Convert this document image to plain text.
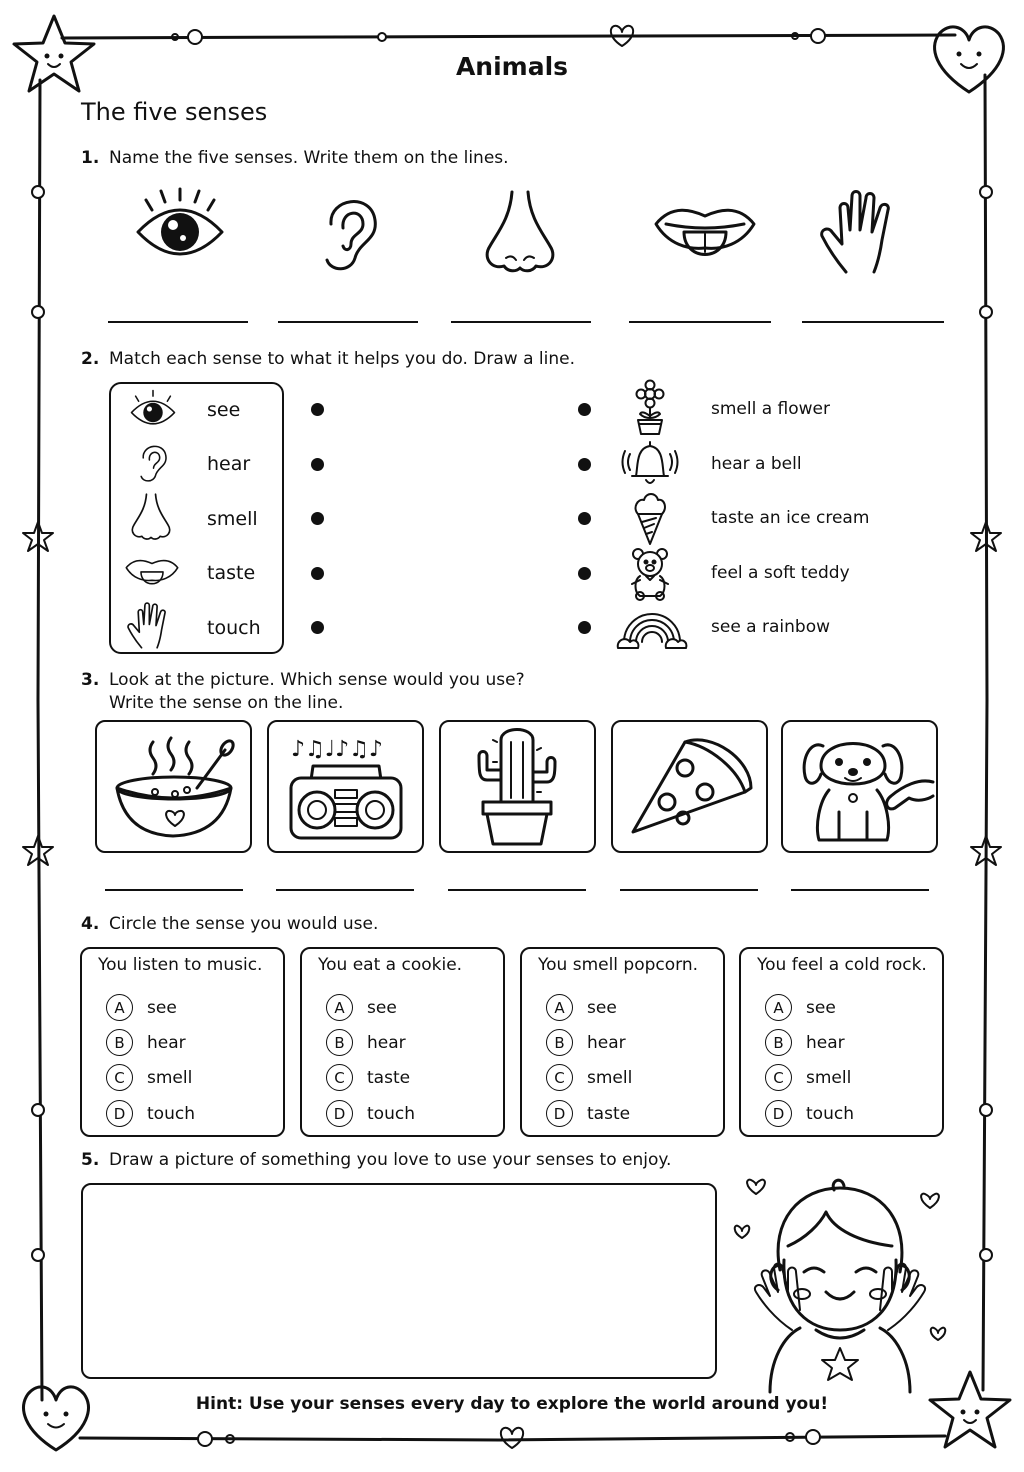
Animals
The five senses
1. Name the five senses. Write them on the lines.
2. Match each sense to what it helps you do. Draw a line.
see
hear
smell
taste
touch
smell a flower
hear a bell
taste an ice cream
feel a soft teddy
see a rainbow
3. Look at the picture. Which sense would you use?
Write the sense on the line.
♪♫♩♪♫♪
4. Circle the sense you would use.
You listen to music.
A	see
B	hear
C	smell
D	touch
You eat a cookie.
A	see
B	hear
C	taste
D	touch
You smell popcorn.
A	see
B	hear
C	smell
D	taste
You feel a cold rock.
A	see
B	hear
C	smell
D	touch
5. Draw a picture of something you love to use your senses to enjoy.
Hint: Use your senses every day to explore the world around you!
